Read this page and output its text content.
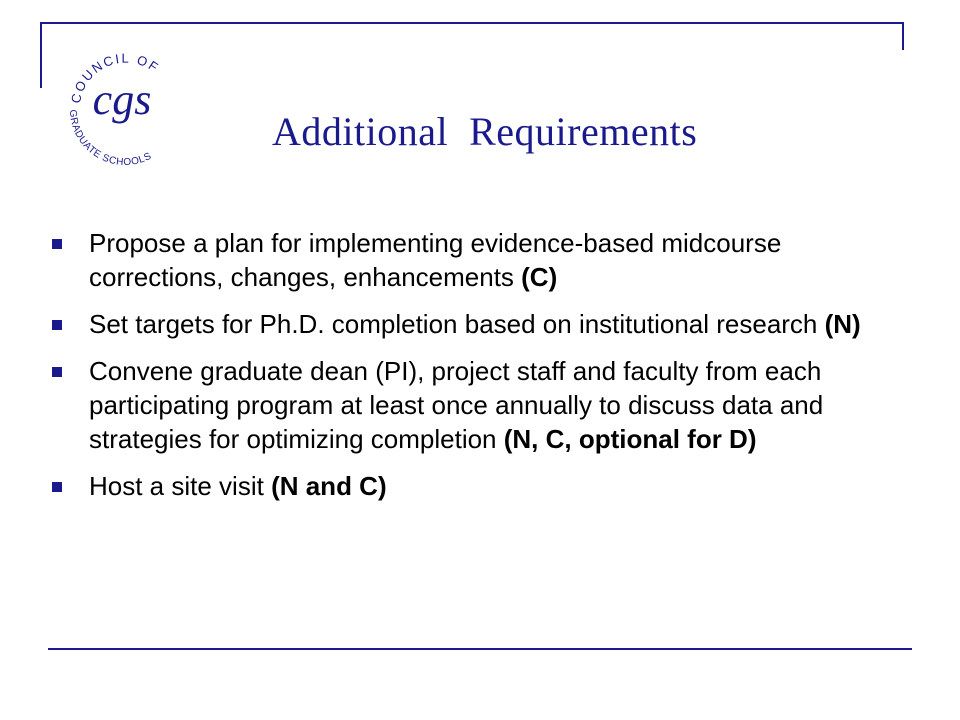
COUNCIL OF
cgs
GRADUATE SCHOOLS
Additional  Requirements
Propose a plan for implementing evidence-based midcourse corrections, changes, enhancements (C)
Set targets for Ph.D. completion based on institutional research (N)
Convene graduate dean (PI), project staff and faculty from each participating program at least once annually to discuss data and strategies for optimizing completion (N, C, optional for D)
Host a site visit (N and C)
